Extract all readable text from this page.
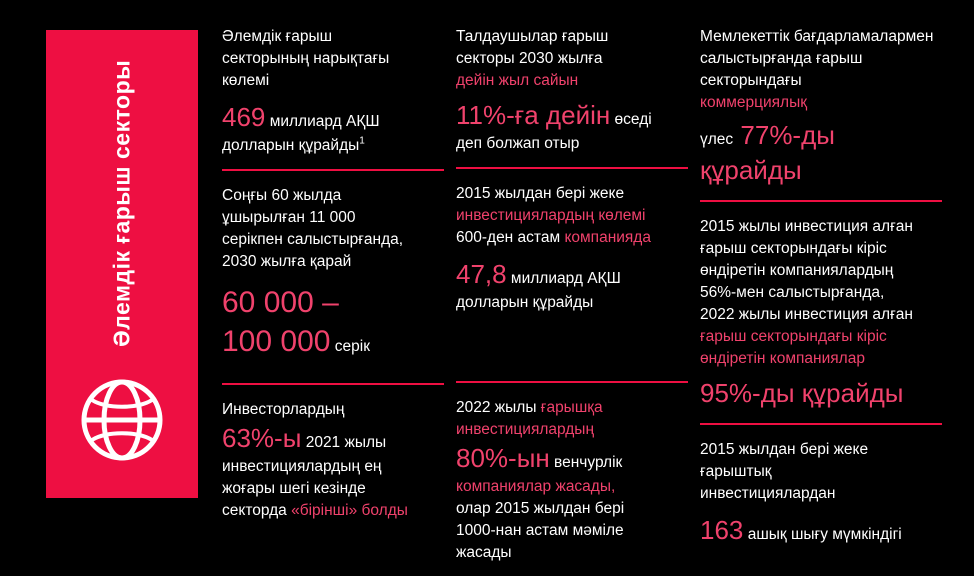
Әлемдік ғарыш секторы
Әлемдік ғарыш
секторының нарықтағы
көлемі
469 миллиард АҚШ
долларын құрайды$^1$
Соңғы 60 жылда
ұшырылған 11 000
серікпен салыстырғанда,
2030 жылға қарай
60 000 –
100 000 серік
Инвесторлардың
63%-ы 2021 жылы
инвестициялардың ең
жоғары шегі кезінде
секторда «бірінші» болды
Талдаушылар ғарыш
секторы 2030 жылға
дейін жыл сайын
11%-ға дейін өседі
деп болжап отыр
2015 жылдан бері жеке
инвестициялардың көлемі
600-ден астам компанияда
47,8 миллиард АҚШ
долларын құрайды
2022 жылы ғарышқа
инвестициялардың
80%-ын венчурлік
компаниялар жасады,
олар 2015 жылдан бері
1000-нан астам мәміле
жасады
Мемлекеттік бағдарламалармен
салыстырғанда ғарыш
секторындағы
коммерциялық
үлес 77%-ды құрайды
2015 жылы инвестиция алған
ғарыш секторындағы кіріс
өндіретін компаниялардың
56%-мен салыстырғанда,
2022 жылы инвестиция алған
ғарыш секторындағы кіріс
өндіретін компаниялар
95%-ды құрайды
2015 жылдан бері жеке
ғарыштық
инвестициялардан
163 ашық шығу мүмкіндігі
